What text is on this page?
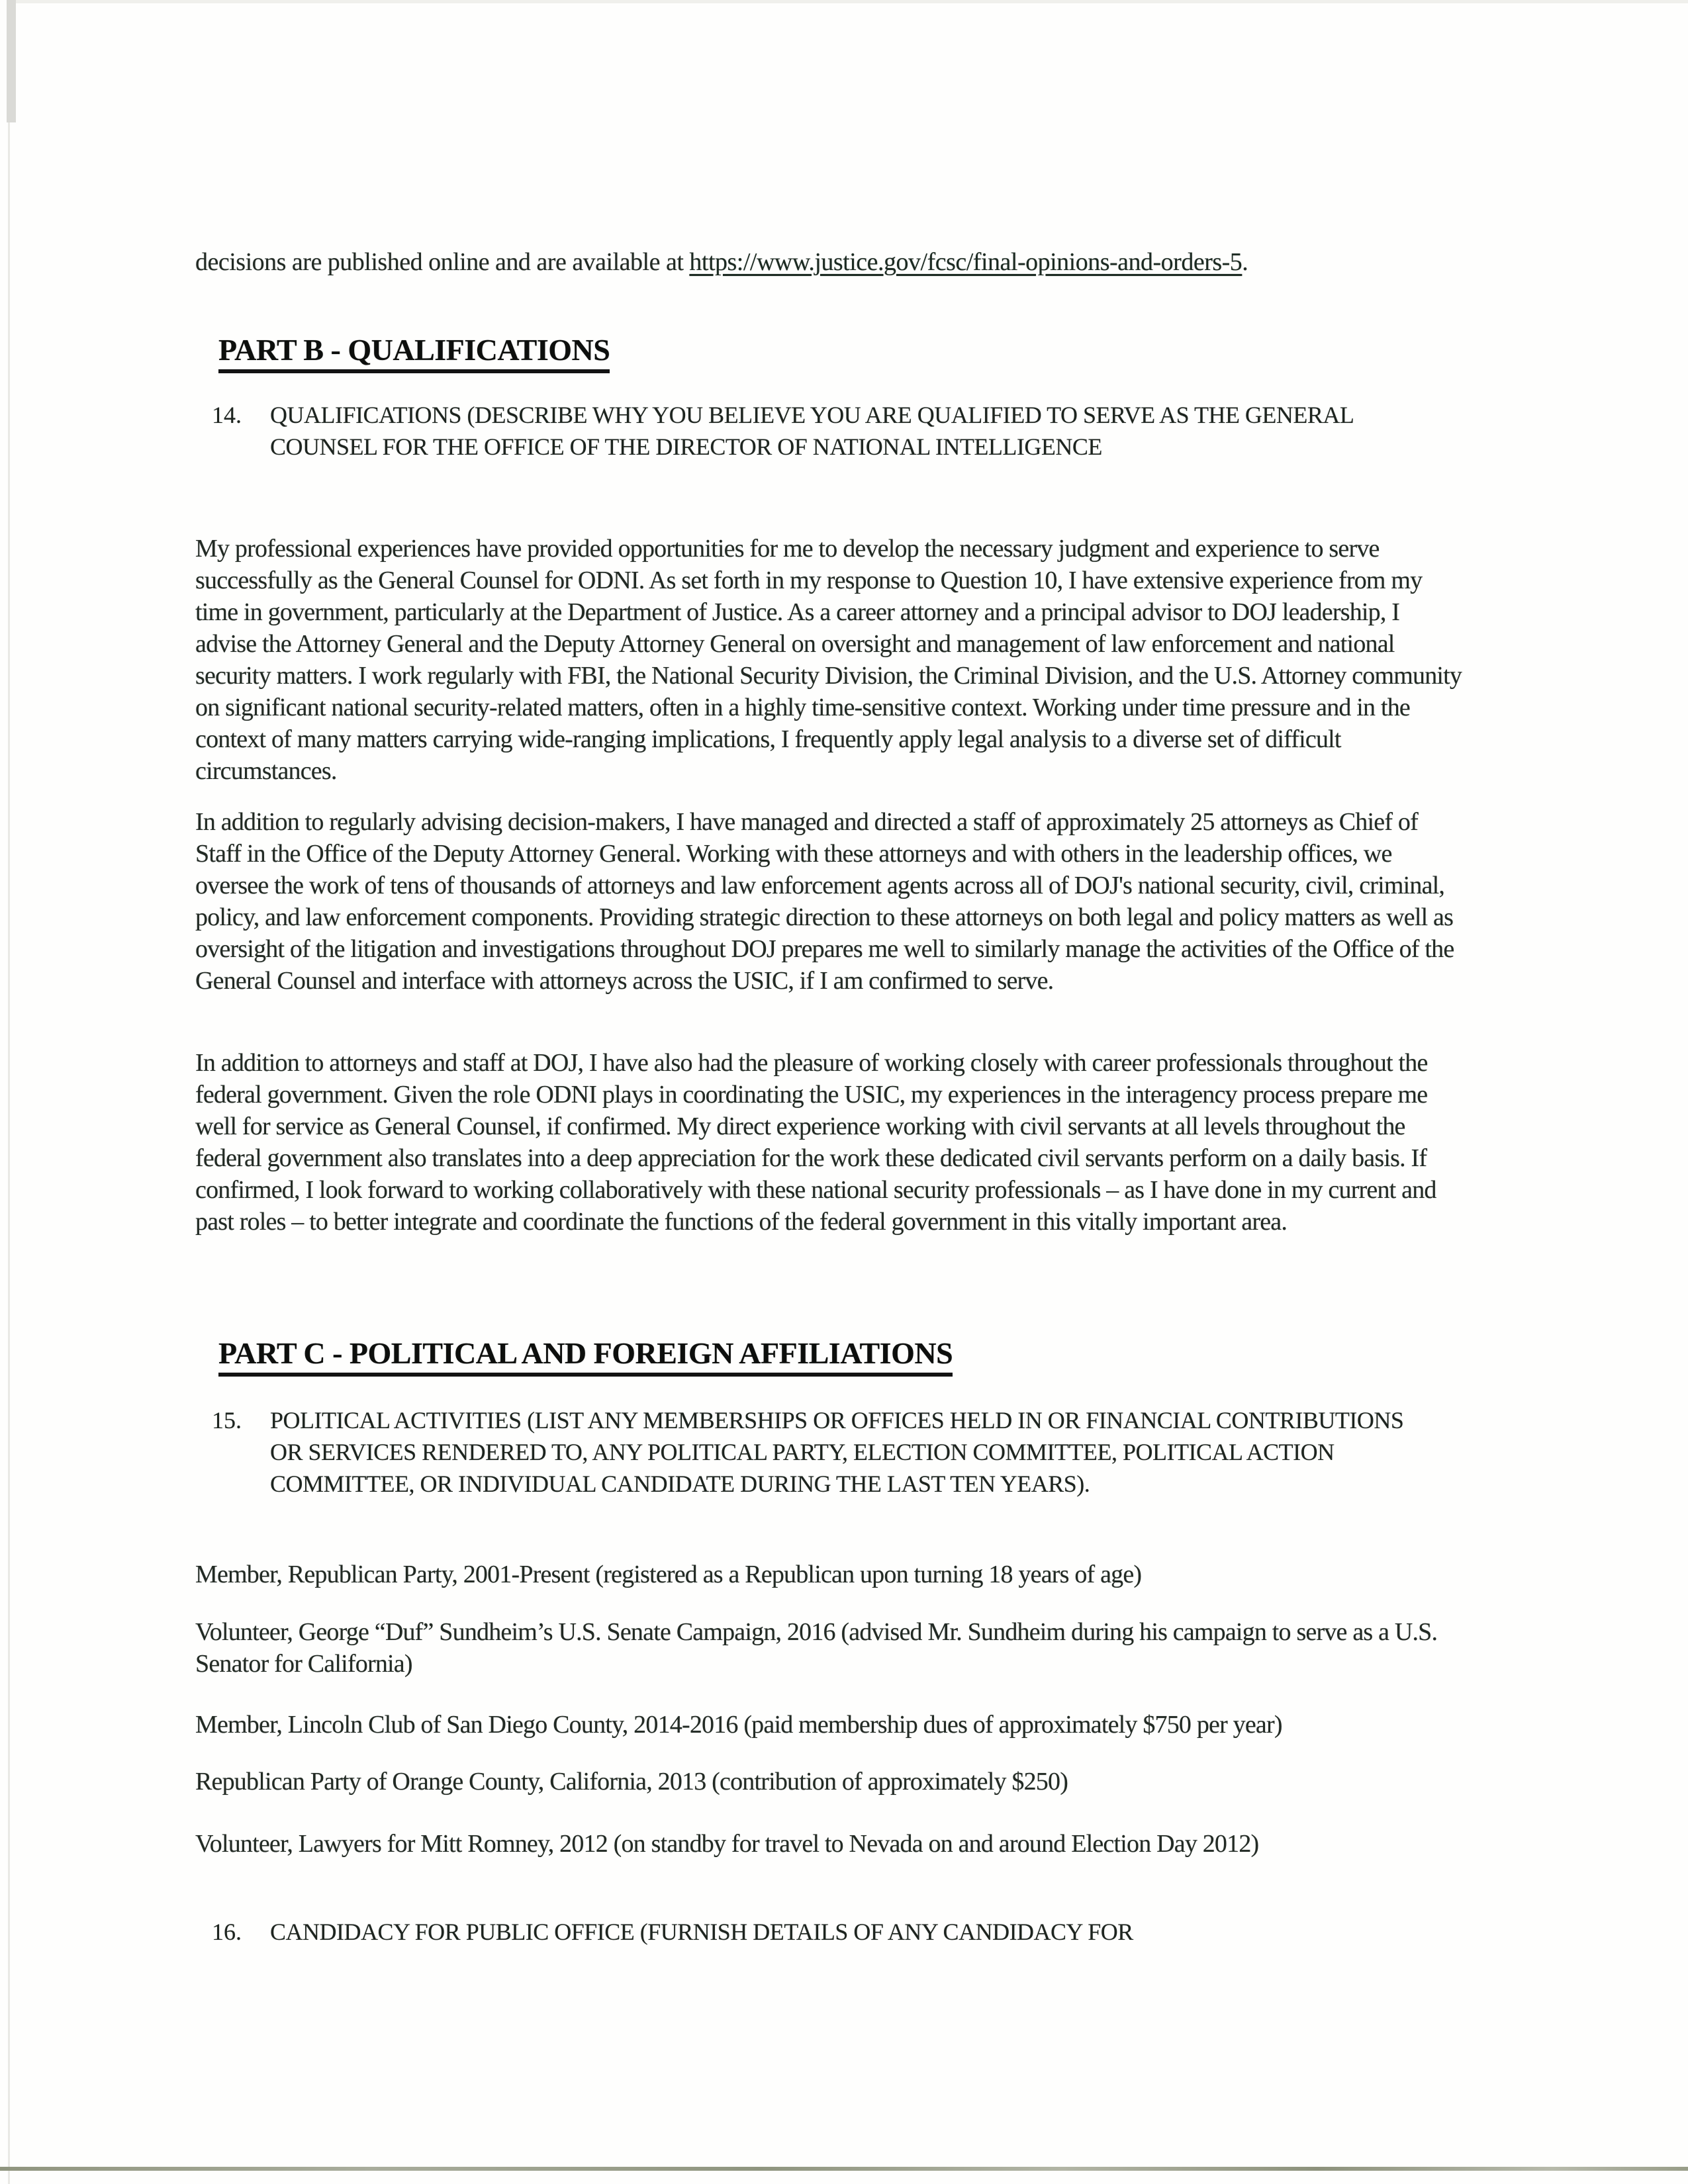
decisions are published online and are available at https://www.justice.gov/fcsc/final-opinions-and-orders-5.
PART B - QUALIFICATIONS
14.	QUALIFICATIONS (DESCRIBE WHY YOU BELIEVE YOU ARE QUALIFIED TO SERVE AS THE GENERAL COUNSEL FOR THE OFFICE OF THE DIRECTOR OF NATIONAL INTELLIGENCE
My professional experiences have provided opportunities for me to develop the necessary judgment and experience to serve successfully as the General Counsel for ODNI. As set forth in my response to Question 10, I have extensive experience from my time in government, particularly at the Department of Justice. As a career attorney and a principal advisor to DOJ leadership, I advise the Attorney General and the Deputy Attorney General on oversight and management of law enforcement and national security matters. I work regularly with FBI, the National Security Division, the Criminal Division, and the U.S. Attorney community on significant national security-related matters, often in a highly time-sensitive context. Working under time pressure and in the context of many matters carrying wide-ranging implications, I frequently apply legal analysis to a diverse set of difficult circumstances.
In addition to regularly advising decision-makers, I have managed and directed a staff of approximately 25 attorneys as Chief of Staff in the Office of the Deputy Attorney General. Working with these attorneys and with others in the leadership offices, we oversee the work of tens of thousands of attorneys and law enforcement agents across all of DOJ's national security, civil, criminal, policy, and law enforcement components. Providing strategic direction to these attorneys on both legal and policy matters as well as oversight of the litigation and investigations throughout DOJ prepares me well to similarly manage the activities of the Office of the General Counsel and interface with attorneys across the USIC, if I am confirmed to serve.
In addition to attorneys and staff at DOJ, I have also had the pleasure of working closely with career professionals throughout the federal government. Given the role ODNI plays in coordinating the USIC, my experiences in the interagency process prepare me well for service as General Counsel, if confirmed. My direct experience working with civil servants at all levels throughout the federal government also translates into a deep appreciation for the work these dedicated civil servants perform on a daily basis. If confirmed, I look forward to working collaboratively with these national security professionals – as I have done in my current and past roles – to better integrate and coordinate the functions of the federal government in this vitally important area.
PART C - POLITICAL AND FOREIGN AFFILIATIONS
15.	POLITICAL ACTIVITIES (LIST ANY MEMBERSHIPS OR OFFICES HELD IN OR FINANCIAL CONTRIBUTIONS OR SERVICES RENDERED TO, ANY POLITICAL PARTY, ELECTION COMMITTEE, POLITICAL ACTION COMMITTEE, OR INDIVIDUAL CANDIDATE DURING THE LAST TEN YEARS).
Member, Republican Party, 2001-Present (registered as a Republican upon turning 18 years of age)
Volunteer, George “Duf” Sundheim’s U.S. Senate Campaign, 2016 (advised Mr. Sundheim during his campaign to serve as a U.S. Senator for California)
Member, Lincoln Club of San Diego County, 2014-2016 (paid membership dues of approximately $750 per year)
Republican Party of Orange County, California, 2013 (contribution of approximately $250)
Volunteer, Lawyers for Mitt Romney, 2012 (on standby for travel to Nevada on and around Election Day 2012)
16.	CANDIDACY FOR PUBLIC OFFICE (FURNISH DETAILS OF ANY CANDIDACY FOR
